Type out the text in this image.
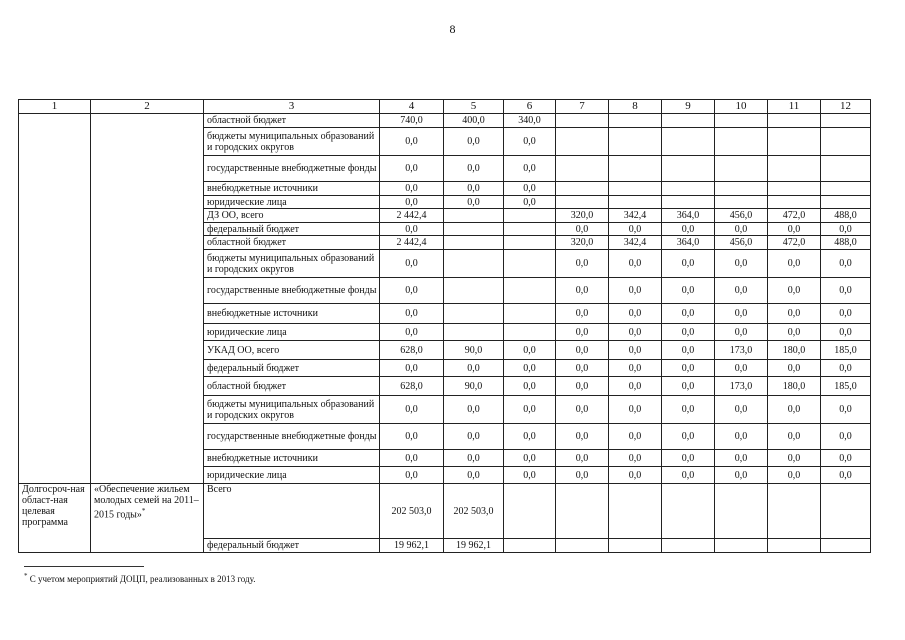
8
1	2	3	4	5	6	7	8	9	10	11	12
		областной бюджет	740,0	400,0	340,0						
		бюджеты муниципальных образований и городских округов	0,0	0,0	0,0						
		государственные внебюджетные фонды	0,0	0,0	0,0						
		внебюджетные источники	0,0	0,0	0,0						
		юридические лица	0,0	0,0	0,0						
		ДЗ ОО, всего	2 442,4			320,0	342,4	364,0	456,0	472,0	488,0
		федеральный бюджет	0,0			0,0	0,0	0,0	0,0	0,0	0,0
		областной бюджет	2 442,4			320,0	342,4	364,0	456,0	472,0	488,0
		бюджеты муниципальных образований и городских округов	0,0			0,0	0,0	0,0	0,0	0,0	0,0
		государственные внебюджетные фонды	0,0			0,0	0,0	0,0	0,0	0,0	0,0
		внебюджетные источники	0,0			0,0	0,0	0,0	0,0	0,0	0,0
		юридические лица	0,0			0,0	0,0	0,0	0,0	0,0	0,0
		УКАД ОО, всего	628,0	90,0	0,0	0,0	0,0	0,0	173,0	180,0	185,0
		федеральный бюджет	0,0	0,0	0,0	0,0	0,0	0,0	0,0	0,0	0,0
		областной бюджет	628,0	90,0	0,0	0,0	0,0	0,0	173,0	180,0	185,0
		бюджеты муниципальных образований и городских округов	0,0	0,0	0,0	0,0	0,0	0,0	0,0	0,0	0,0
		государственные внебюджетные фонды	0,0	0,0	0,0	0,0	0,0	0,0	0,0	0,0	0,0
		внебюджетные источники	0,0	0,0	0,0	0,0	0,0	0,0	0,0	0,0	0,0
		юридические лица	0,0	0,0	0,0	0,0	0,0	0,0	0,0	0,0	0,0
Долгосроч-ная област-ная целевая программа	«Обеспечение жильем молодых семей на 2011–2015 годы»*	Всего	202 503,0	202 503,0							
		федеральный бюджет	19 962,1	19 962,1							
* С учетом мероприятий ДОЦП, реализованных в 2013 году.
